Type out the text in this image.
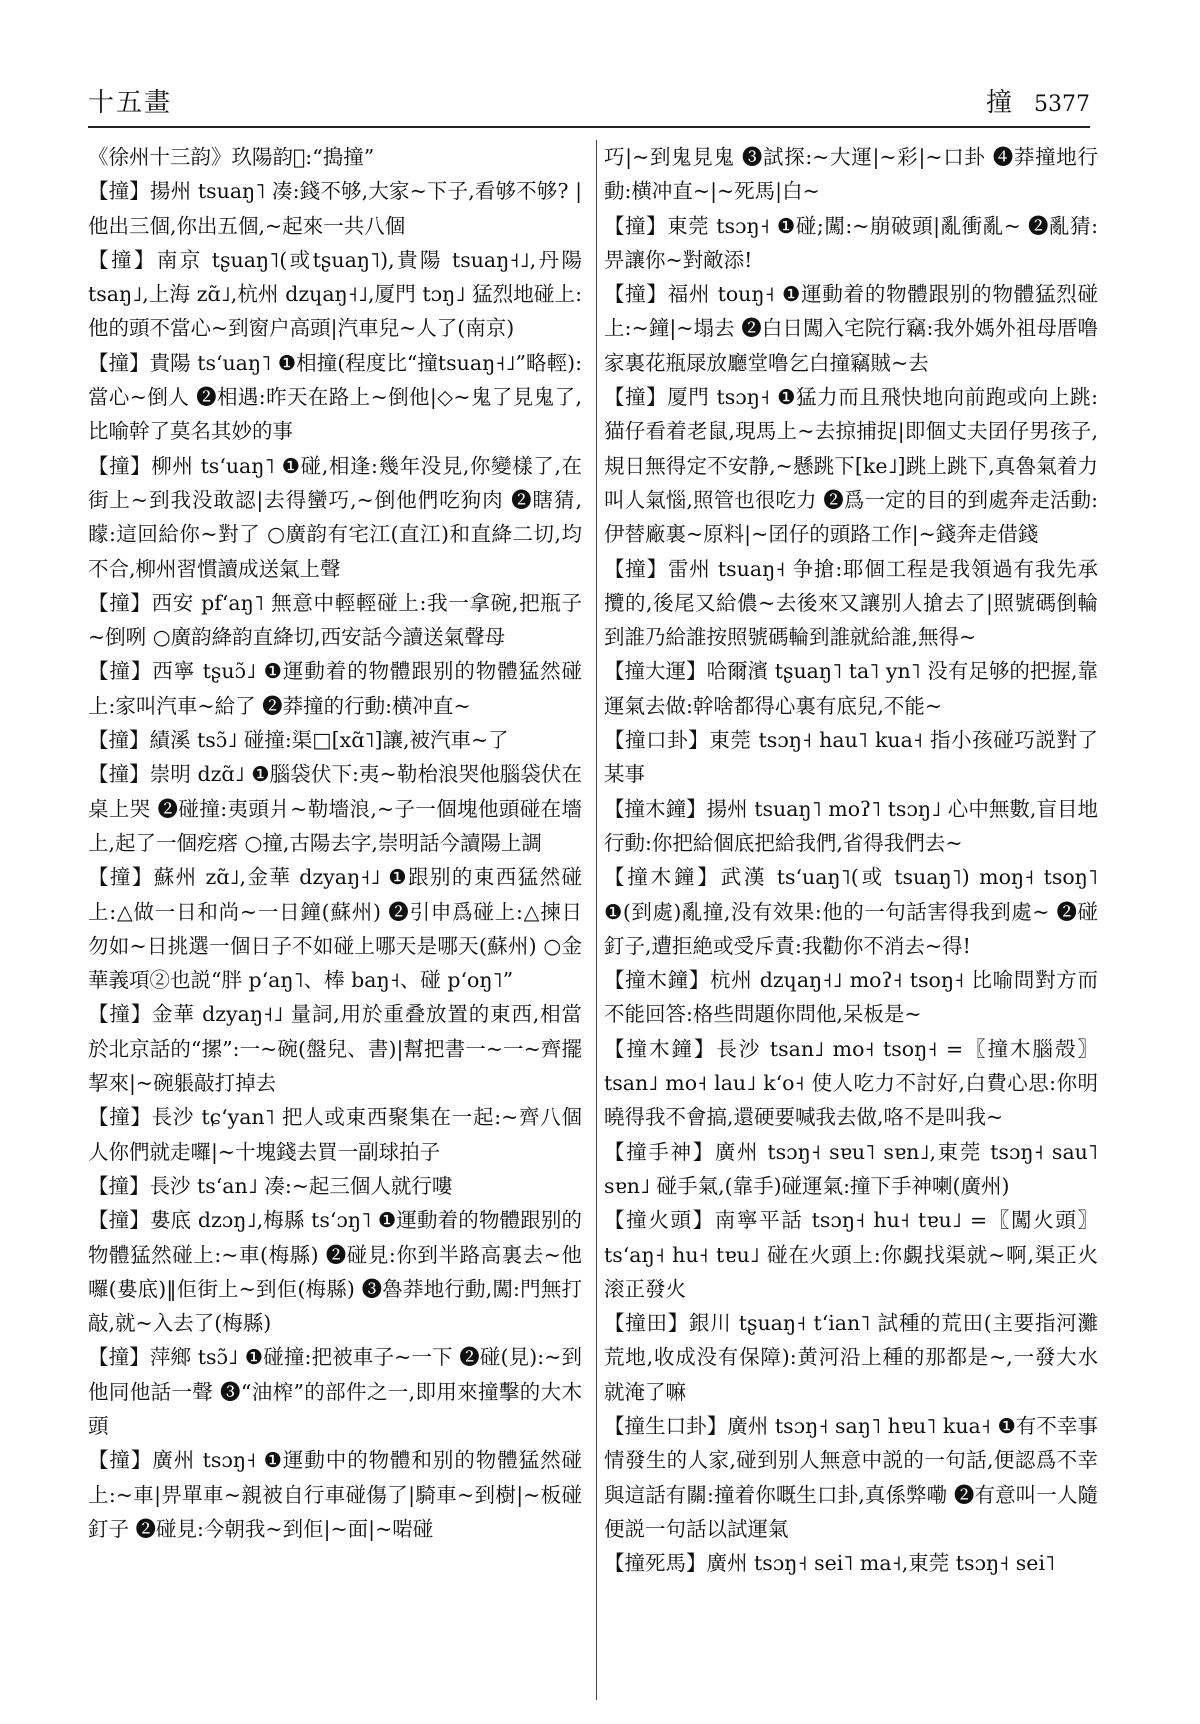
十五畫	撞 5377

《徐州十三韵》玖陽韵𧯶:“搗撞”

【撞】揚州 tsuaŋ˥ 凑:錢不够,大家~下子,看够不够? |他出三個,你出五個,~起來一共八個

【撞】南京 tʂuaŋ˥(或tʂuaŋ˥),貴陽 tsuaŋ˧˩,丹陽 tsaŋ˩,上海 zɑ̃˩,杭州 dzɥaŋ˧˩,厦門 tɔŋ˩ 猛烈地碰上:他的頭不當心~到窗户高頭|汽車兒~人了(南京)

【撞】貴陽 tsʻuaŋ˥ ❶相撞(程度比“撞tsuaŋ˧˩”略輕):當心~倒人 ❷相遇:昨天在路上~倒他|◇~鬼了見鬼了,比喻幹了莫名其妙的事

【撞】柳州 tsʻuaŋ˥ ❶碰,相逢:幾年没見,你變樣了,在街上~到我没敢認|去得蠻巧,~倒他們吃狗肉 ❷瞎猜,矇:這回給你~對了 ○廣韵有宅江(直江)和直絳二切,均不合,柳州習慣讀成送氣上聲

【撞】西安 pfʻaŋ˥ 無意中輕輕碰上:我一拿碗,把瓶子~倒咧 ○廣韵絳韵直絳切,西安話今讀送氣聲母

【撞】西寧 tʂuɔ̃˩ ❶運動着的物體跟别的物體猛然碰上:家叫汽車~給了 ❷莽撞的行動:横冲直~

【撞】績溪 tsɔ̃˩ 碰撞:渠□[xɑ̃˥]讓,被汽車~了

【撞】崇明 dzɑ̃˩ ❶腦袋伏下:夷~勒枱浪哭他腦袋伏在桌上哭 ❷碰撞:夷頭爿~勒墻浪,~子一個塊他頭碰在墻上,起了一個疙瘩 ○撞,古陽去字,崇明話今讀陽上調

【撞】蘇州 zɑ̃˩,金華 dzyaŋ˧˩ ❶跟别的東西猛然碰上:△做一日和尚~一日鐘(蘇州) ❷引申爲碰上:△揀日勿如~日挑選一個日子不如碰上哪天是哪天(蘇州) ○金華義項②也説“胖 pʻaŋ˥、棒 baŋ˧、碰 pʻoŋ˥”

【撞】金華 dzyaŋ˧˩ 量詞,用於重叠放置的東西,相當於北京話的“摞”:一~碗(盤兒、書)|幫把書一~一~齊擺挈來|~碗躼敲打掉去

【撞】長沙 tɕʻyan˥ 把人或東西聚集在一起:~齊八個人你們就走囉|~十塊錢去買一副球拍子

【撞】長沙 tsʻan˩ 凑:~起三個人就行嘍

【撞】婁底 dzɔŋ˩,梅縣 tsʻɔŋ˥ ❶運動着的物體跟别的物體猛然碰上:~車(梅縣) ❷碰見:你到半路高裏去~他囉(婁底)‖佢街上~到佢(梅縣) ❸魯莽地行動,闖:門無打敲,就~入去了(梅縣)

【撞】萍鄉 tsɔ̃˩ ❶碰撞:把被車子~一下 ❷碰(見):~到他同他話一聲 ❸“油榨”的部件之一,即用來撞擊的大木頭

【撞】廣州 tsɔŋ˧ ❶運動中的物體和别的物體猛然碰上:~車|畀單車~親被自行車碰傷了|騎車~到樹|~板碰釘子 ❷碰見:今朝我~到佢|~面|~啱碰

巧|~到鬼見鬼 ❸試探:~大運|~彩|~口卦 ❹莽撞地行動:横冲直~|~死馬|白~

【撞】東莞 tsɔŋ˧ ❶碰;闖:~崩破頭|亂衝亂~ ❷亂猜:畀讓你~對敵添!

【撞】福州 touŋ˧ ❶運動着的物體跟别的物體猛烈碰上:~鐘|~塌去 ❷白日闖入宅院行竊:我外媽外祖母厝噜家裏花瓶㞗放廳堂噜乞白撞竊賊~去

【撞】厦門 tsɔŋ˧ ❶猛力而且飛快地向前跑或向上跳:猫仔看着老鼠,現馬上~去掠捕捉|即個丈夫囝仔男孩子,規日無得定不安静,~懸跳下[ke˩]跳上跳下,真魯氣着力叫人氣惱,照管也很吃力 ❷爲一定的目的到處奔走活動:伊替廠裏~原料|~囝仔的頭路工作|~錢奔走借錢

【撞】雷州 tsuaŋ˧ 争搶:耶個工程是我領過有我先承攬的,後尾又給儂~去後來又讓别人搶去了|照號碼倒輪到誰乃給誰按照號碼輪到誰就給誰,無得~

【撞大運】哈爾濱 tʂuaŋ˥ ta˥ yn˥ 没有足够的把握,靠運氣去做:幹啥都得心裏有底兒,不能~

【撞口卦】東莞 tsɔŋ˧ hau˥ kua˧ 指小孩碰巧説對了某事

【撞木鐘】揚州 tsuaŋ˥ moʔ˥ tsɔŋ˩ 心中無數,盲目地行動:你把給個底把給我們,省得我們去~

【撞木鐘】武漢 tsʻuaŋ˥(或 tsuaŋ˥) moŋ˧ tsoŋ˥ ❶(到處)亂撞,没有效果:他的一句話害得我到處~ ❷碰釘子,遭拒絶或受斥責:我勸你不消去~得!

【撞木鐘】杭州 dzɥaŋ˧˩ moʔ˧ tsoŋ˧ 比喻問對方而不能回答:格些問題你問他,呆板是~

【撞木鐘】長沙 tsan˩ mo˧ tsoŋ˧ =〖撞木腦殻〗tsan˩ mo˧ lau˩ kʻo˧ 使人吃力不討好,白費心思:你明曉得我不會搞,還硬要喊我去做,咯不是叫我~

【撞手神】廣州 tsɔŋ˧ sɐu˥ sɐn˩,東莞 tsɔŋ˧ sau˥ sɐn˩ 碰手氣,(靠手)碰運氣:撞下手神喇(廣州)

【撞火頭】南寧平話 tsɔŋ˧ hu˧ tɐu˩ =〖闖火頭〗tsʻaŋ˧ hu˧ tɐu˩ 碰在火頭上:你覷找渠就~啊,渠正火滚正發火

【撞田】銀川 tʂuaŋ˧ tʻian˥ 試種的荒田(主要指河灘荒地,收成没有保障):黄河沿上種的那都是~,一發大水就淹了嘛

【撞生口卦】廣州 tsɔŋ˧ saŋ˥ hɐu˥ kua˧ ❶有不幸事情發生的人家,碰到别人無意中説的一句話,便認爲不幸與這話有關:撞着你嘅生口卦,真係弊嘞 ❷有意叫一人隨便説一句話以試運氣

【撞死馬】廣州 tsɔŋ˧ sei˥ ma˧,東莞 tsɔŋ˧ sei˥
